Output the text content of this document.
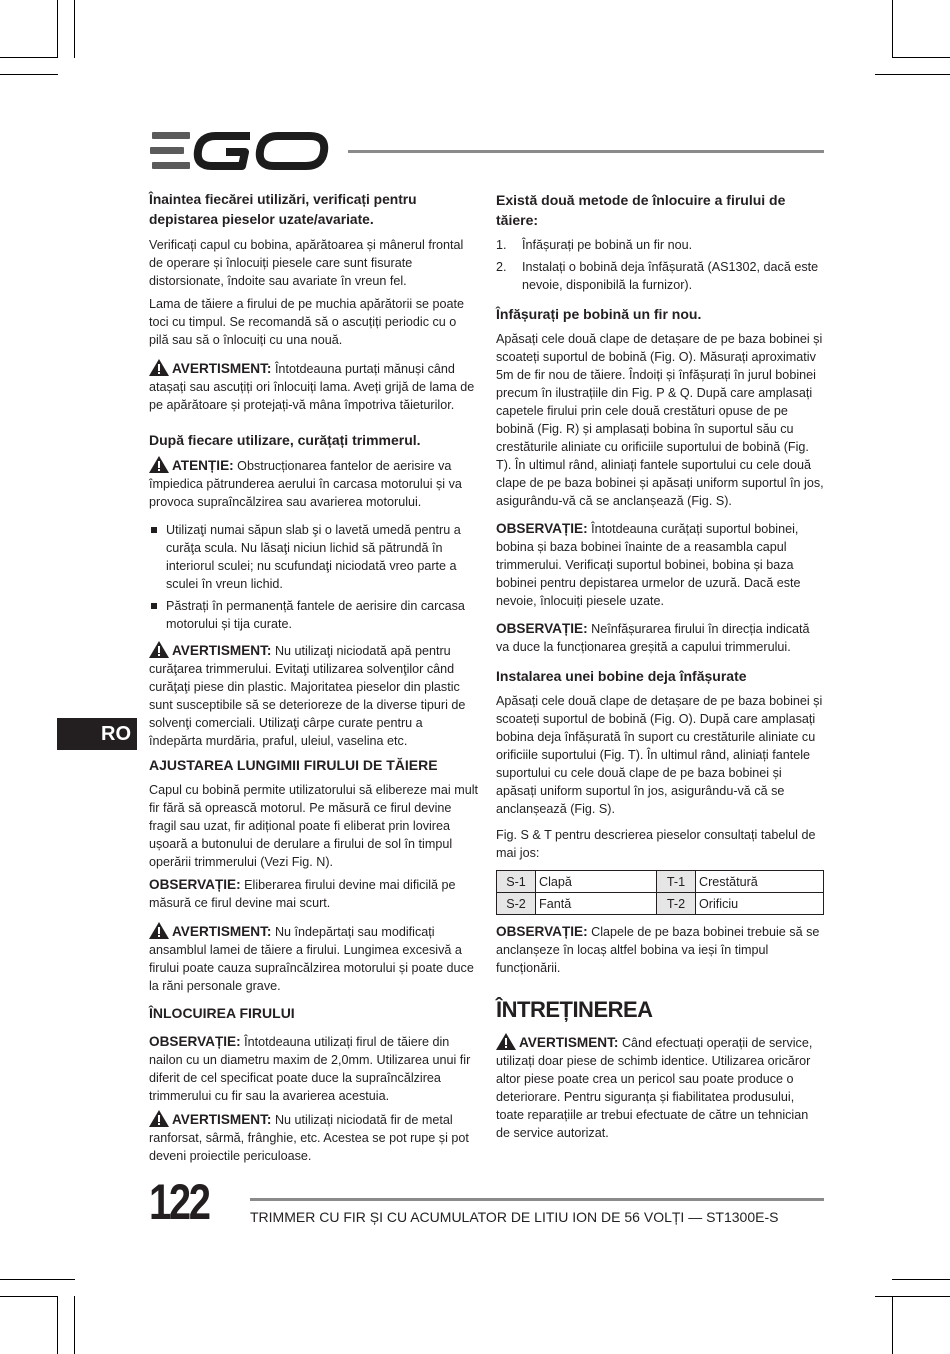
Înaintea fiecărei utilizări, verificați pentru depistarea pieselor uzate/avariate.

Verificați capul cu bobina, apărătoarea și mânerul frontal de operare și înlocuiți piesele care sunt fisurate distorsionate, îndoite sau avariate în vreun fel.

Lama de tăiere a firului de pe muchia apărătorii se poate toci cu timpul. Se recomandă să o ascuțiți periodic cu o pilă sau să o înlocuiți cu una nouă.

AVERTISMENT: Întotdeauna purtați mănuși când atașați sau ascuțiți ori înlocuiți lama. Aveți grijă de lama de pe apărătoare și protejați-vă mâna împotriva tăieturilor.

După fiecare utilizare, curățați trimmerul.

ATENȚIE: Obstrucționarea fantelor de aerisire va împiedica pătrunderea aerului în carcasa motorului și va provoca supraîncălzirea sau avarierea motorului.

Utilizaţi numai săpun slab şi o lavetă umedă pentru a curăţa scula. Nu lăsaţi niciun lichid să pătrundă în interiorul sculei; nu scufundaţi niciodată vreo parte a sculei în vreun lichid.
Păstrați în permanență fantele de aerisire din carcasa motorului și tija curate.

AVERTISMENT: Nu utilizaţi niciodată apă pentru curăţarea trimmerului. Evitaţi utilizarea solvenţilor când curăţaţi piese din plastic. Majoritatea pieselor din plastic sunt susceptibile să se deterioreze de la diverse tipuri de solvenţi comerciali. Utilizaţi cârpe curate pentru a îndepărta murdăria, praful, uleiul, vaselina etc.

AJUSTAREA LUNGIMII FIRULUI DE TĂIERE

Capul cu bobină permite utilizatorului să elibereze mai mult fir fără să oprească motorul. Pe măsură ce firul devine fragil sau uzat, fir adițional poate fi eliberat prin lovirea ușoară a butonului de derulare a firului de sol în timpul operării trimmerului (Vezi Fig. N).

OBSERVAȚIE: Eliberarea firului devine mai dificilă pe măsură ce firul devine mai scurt.

AVERTISMENT: Nu îndepărtați sau modificați ansamblul lamei de tăiere a firului. Lungimea excesivă a firului poate cauza supraîncălzirea motorului și poate duce la răni personale grave.

ÎNLOCUIREA FIRULUI

OBSERVAȚIE: Întotdeauna utilizați firul de tăiere din nailon cu un diametru maxim de 2,0mm. Utilizarea unui fir diferit de cel specificat poate duce la supraîncălzirea trimmerului cu fir sau la avarierea acestuia.

AVERTISMENT: Nu utilizați niciodată fir de metal ranforsat, sârmă, frânghie, etc. Acestea se pot rupe și pot deveni proiectile periculoase.

Există două metode de înlocuire a firului de tăiere:

1. Înfășurați pe bobină un fir nou.
2. Instalați o bobină deja înfășurată (AS1302, dacă este nevoie, disponibilă la furnizor).

Înfășurați pe bobină un fir nou.

Apăsați cele două clape de detașare de pe baza bobinei și scoateți suportul de bobină (Fig. O). Măsurați aproximativ 5m de fir nou de tăiere. Îndoiți și înfășurați în jurul bobinei precum în ilustrațiile din Fig. P & Q. După care amplasați capetele firului prin cele două crestături opuse de pe bobină (Fig. R) și amplasați bobina în suportul său cu crestăturile aliniate cu orificiile suportului de bobină (Fig. T). În ultimul rând, aliniați fantele suportului cu cele două clape de pe baza bobinei și apăsați uniform suportul în jos, asigurându-vă că se anclanșează (Fig. S).

OBSERVAȚIE: Întotdeauna curățați suportul bobinei, bobina și baza bobinei înainte de a reasambla capul trimmerului. Verificați suportul bobinei, bobina și baza bobinei pentru depistarea urmelor de uzură. Dacă este nevoie, înlocuiți piesele uzate.

OBSERVAȚIE: Neînfășurarea firului în direcția indicată va duce la funcționarea greșită a capului trimmerului.

Instalarea unei bobine deja înfășurate

Apăsați cele două clape de detașare de pe baza bobinei și scoateți suportul de bobină (Fig. O). După care amplasați bobina deja înfășurată în suport cu crestăturile aliniate cu orificiile suportului (Fig. T). În ultimul rând, aliniați fantele suportului cu cele două clape de pe baza bobinei și apăsați uniform suportul în jos, asigurându-vă că se anclanșează (Fig. S).

Fig. S & T pentru descrierea pieselor consultați tabelul de mai jos:

S-1	Clapă	T-1	Crestătură
S-2	Fantă	T-2	Orificiu

OBSERVAȚIE: Clapele de pe baza bobinei trebuie să se anclanșeze în locaș altfel bobina va ieși în timpul funcționării.

ÎNTREȚINEREA

AVERTISMENT: Când efectuați operații de service, utilizați doar piese de schimb identice. Utilizarea oricăror altor piese poate crea un pericol sau poate produce o deteriorare. Pentru siguranța și fiabilitatea produsului, toate reparațiile ar trebui efectuate de către un tehnician de service autorizat.

RO
122	TRIMMER CU FIR ȘI CU ACUMULATOR DE LITIU ION DE 56 VOLȚI — ST1300E-S
